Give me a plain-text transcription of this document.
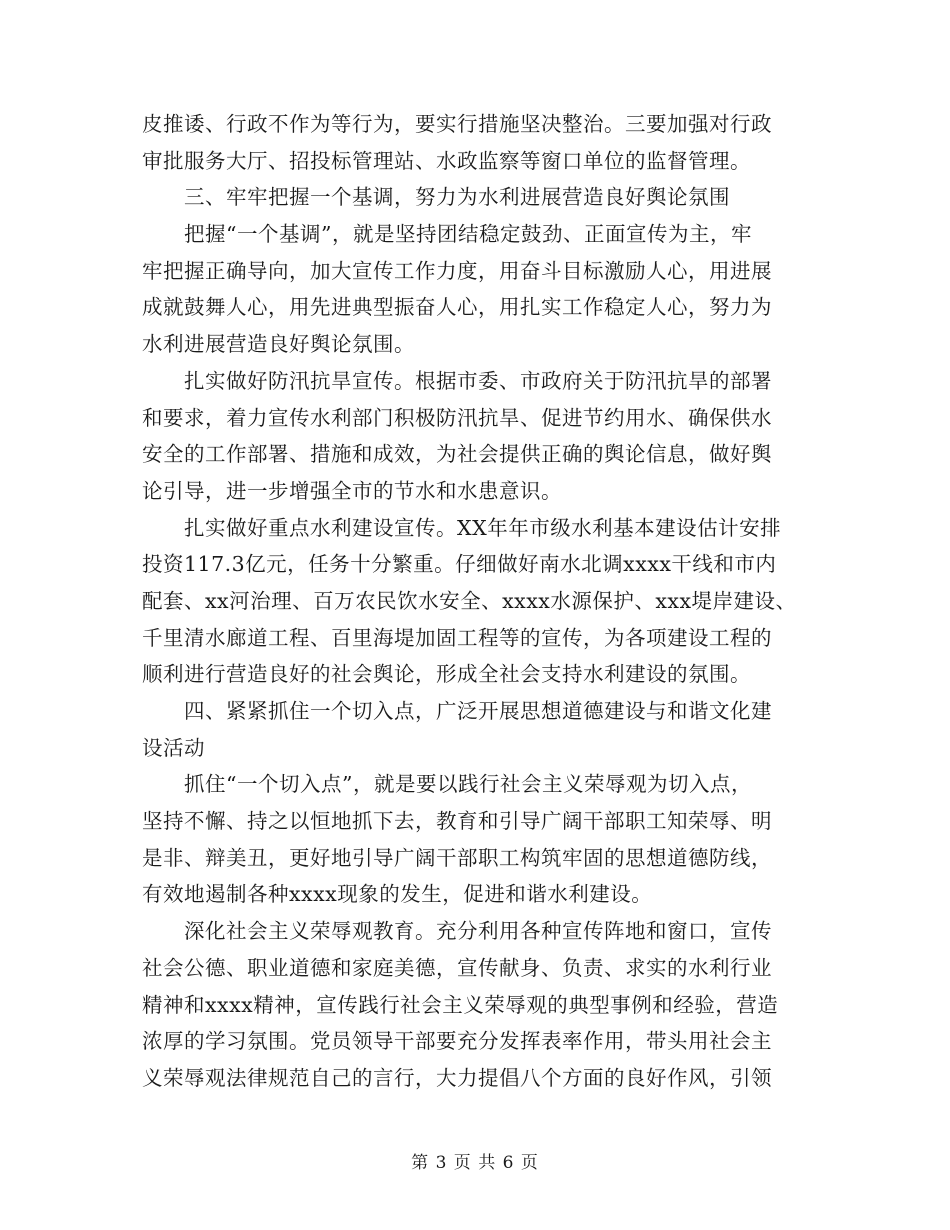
皮推诿、行政不作为等行为，要实行措施坚决整治。三要加强对行政
审批服务大厅、招投标管理站、水政监察等窗口单位的监督管理。
三、牢牢把握一个基调，努力为水利进展营造良好舆论氛围
把握“一个基调”，就是坚持团结稳定鼓劲、正面宣传为主，牢
牢把握正确导向，加大宣传工作力度，用奋斗目标激励人心，用进展
成就鼓舞人心，用先进典型振奋人心，用扎实工作稳定人心，努力为
水利进展营造良好舆论氛围。
扎实做好防汛抗旱宣传。根据市委、市政府关于防汛抗旱的部署
和要求，着力宣传水利部门积极防汛抗旱、促进节约用水、确保供水
安全的工作部署、措施和成效，为社会提供正确的舆论信息，做好舆
论引导，进一步增强全市的节水和水患意识。
扎实做好重点水利建设宣传。XX年年市级水利基本建设估计安排
投资117.3亿元，任务十分繁重。仔细做好南水北调xxxx干线和市内
配套、xx河治理、百万农民饮水安全、xxxx水源保护、xxx堤岸建设、
千里清水廊道工程、百里海堤加固工程等的宣传，为各项建设工程的
顺利进行营造良好的社会舆论，形成全社会支持水利建设的氛围。
四、紧紧抓住一个切入点，广泛开展思想道德建设与和谐文化建
设活动
抓住“一个切入点”，就是要以践行社会主义荣辱观为切入点，
坚持不懈、持之以恒地抓下去，教育和引导广阔干部职工知荣辱、明
是非、辩美丑，更好地引导广阔干部职工构筑牢固的思想道德防线，
有效地遏制各种xxxx现象的发生，促进和谐水利建设。
深化社会主义荣辱观教育。充分利用各种宣传阵地和窗口，宣传
社会公德、职业道德和家庭美德，宣传献身、负责、求实的水利行业
精神和xxxx精神，宣传践行社会主义荣辱观的典型事例和经验，营造
浓厚的学习氛围。党员领导干部要充分发挥表率作用，带头用社会主
义荣辱观法律规范自己的言行，大力提倡八个方面的良好作风，引领
第 3 页 共 6 页
